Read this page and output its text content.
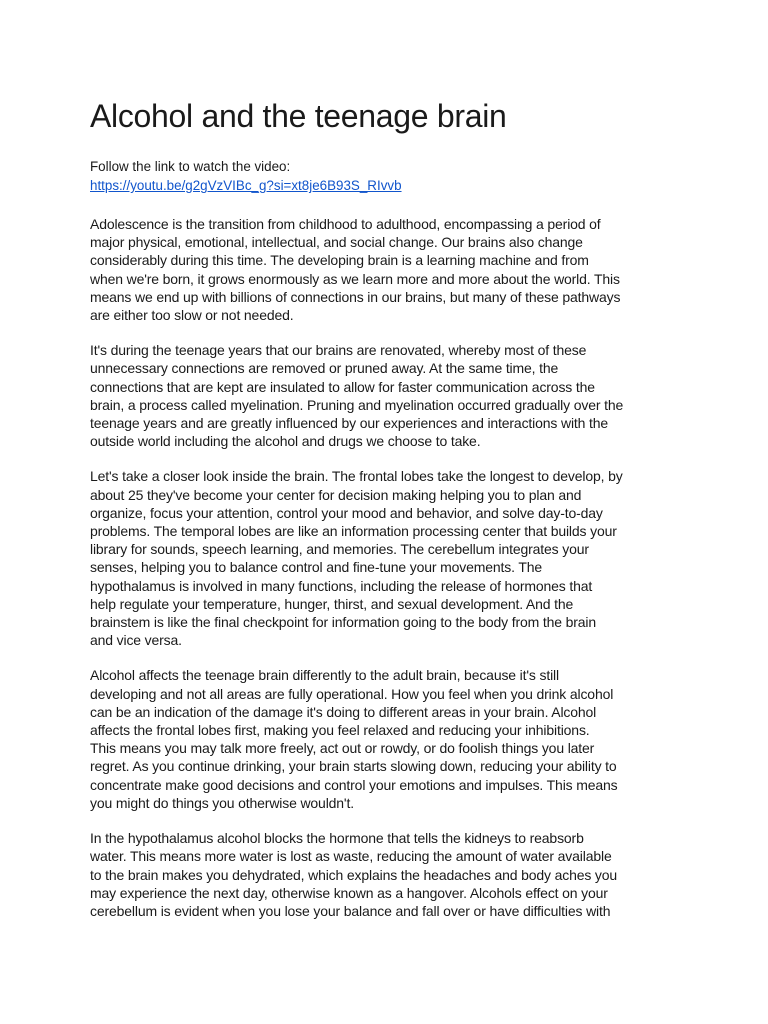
Alcohol and the teenage brain
Follow the link to watch the video:
https://youtu.be/g2gVzVIBc_g?si=xt8je6B93S_RIvvb

Adolescence is the transition from childhood to adulthood, encompassing a period of
major physical, emotional, intellectual, and social change. Our brains also change
considerably during this time. The developing brain is a learning machine and from
when we're born, it grows enormously as we learn more and more about the world. This
means we end up with billions of connections in our brains, but many of these pathways
are either too slow or not needed.

It's during the teenage years that our brains are renovated, whereby most of these
unnecessary connections are removed or pruned away. At the same time, the
connections that are kept are insulated to allow for faster communication across the
brain, a process called myelination. Pruning and myelination occurred gradually over the
teenage years and are greatly influenced by our experiences and interactions with the
outside world including the alcohol and drugs we choose to take.

Let's take a closer look inside the brain. The frontal lobes take the longest to develop, by
about 25 they've become your center for decision making helping you to plan and
organize, focus your attention, control your mood and behavior, and solve day-to-day
problems. The temporal lobes are like an information processing center that builds your
library for sounds, speech learning, and memories. The cerebellum integrates your
senses, helping you to balance control and fine-tune your movements. The
hypothalamus is involved in many functions, including the release of hormones that
help regulate your temperature, hunger, thirst, and sexual development. And the
brainstem is like the final checkpoint for information going to the body from the brain
and vice versa.

Alcohol affects the teenage brain differently to the adult brain, because it's still
developing and not all areas are fully operational. How you feel when you drink alcohol
can be an indication of the damage it's doing to different areas in your brain. Alcohol
affects the frontal lobes first, making you feel relaxed and reducing your inhibitions.
This means you may talk more freely, act out or rowdy, or do foolish things you later
regret. As you continue drinking, your brain starts slowing down, reducing your ability to
concentrate make good decisions and control your emotions and impulses. This means
you might do things you otherwise wouldn't.

In the hypothalamus alcohol blocks the hormone that tells the kidneys to reabsorb
water. This means more water is lost as waste, reducing the amount of water available
to the brain makes you dehydrated, which explains the headaches and body aches you
may experience the next day, otherwise known as a hangover. Alcohols effect on your
cerebellum is evident when you lose your balance and fall over or have difficulties with
